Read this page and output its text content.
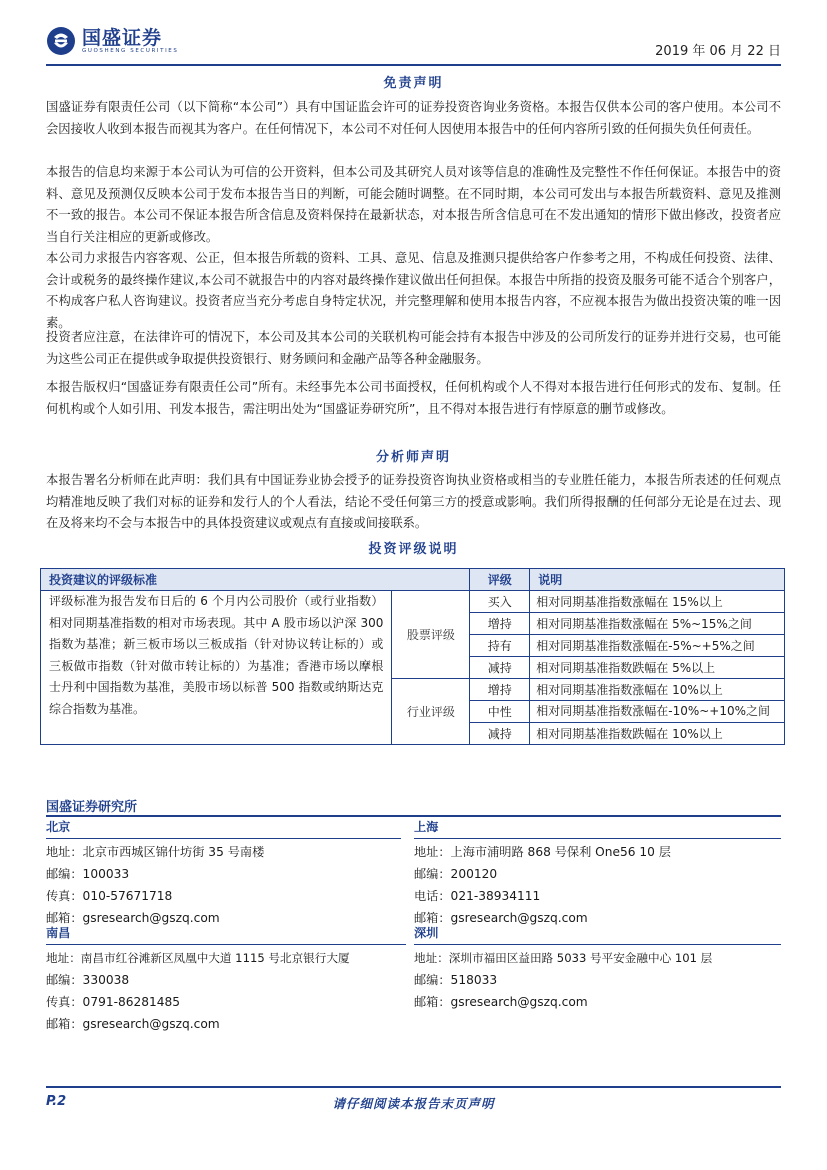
国盛证券
GUOSHENG SECURITIES	2019 年 06 月 22 日
免责声明
国盛证券有限责任公司（以下简称“本公司”）具有中国证监会许可的证券投资咨询业务资格。本报告仅供本公司的客户使用。本公司不会因接收人收到本报告而视其为客户。在任何情况下，本公司不对任何人因使用本报告中的任何内容所引致的任何损失负任何责任。
本报告的信息均来源于本公司认为可信的公开资料，但本公司及其研究人员对该等信息的准确性及完整性不作任何保证。本报告中的资料、意见及预测仅反映本公司于发布本报告当日的判断，可能会随时调整。在不同时期，本公司可发出与本报告所载资料、意见及推测不一致的报告。本公司不保证本报告所含信息及资料保持在最新状态，对本报告所含信息可在不发出通知的情形下做出修改，投资者应当自行关注相应的更新或修改。
本公司力求报告内容客观、公正，但本报告所载的资料、工具、意见、信息及推测只提供给客户作参考之用，不构成任何投资、法律、会计或税务的最终操作建议,本公司不就报告中的内容对最终操作建议做出任何担保。本报告中所指的投资及服务可能不适合个别客户，不构成客户私人咨询建议。投资者应当充分考虑自身特定状况，并完整理解和使用本报告内容，不应视本报告为做出投资决策的唯一因素。
投资者应注意，在法律许可的情况下，本公司及其本公司的关联机构可能会持有本报告中涉及的公司所发行的证券并进行交易，也可能为这些公司正在提供或争取提供投资银行、财务顾问和金融产品等各种金融服务。
本报告版权归“国盛证券有限责任公司”所有。未经事先本公司书面授权，任何机构或个人不得对本报告进行任何形式的发布、复制。任何机构或个人如引用、刊发本报告，需注明出处为“国盛证券研究所”，且不得对本报告进行有悖原意的删节或修改。
分析师声明
本报告署名分析师在此声明：我们具有中国证券业协会授予的证券投资咨询执业资格或相当的专业胜任能力，本报告所表述的任何观点均精准地反映了我们对标的证券和发行人的个人看法，结论不受任何第三方的授意或影响。我们所得报酬的任何部分无论是在过去、现在及将来均不会与本报告中的具体投资建议或观点有直接或间接联系。
投资评级说明
投资建议的评级标准		评级	说明
评级标准为报告发布日后的 6 个月内公司股价（或行业指数）相对同期基准指数的相对市场表现。其中 A 股市场以沪深 300 指数为基准；新三板市场以三板成指（针对协议转让标的）或三板做市指数（针对做市转让标的）为基准；香港市场以摩根士丹利中国指数为基准，美股市场以标普 500 指数或纳斯达克综合指数为基准。	股票评级	买入	相对同期基准指数涨幅在 15%以上
		增持	相对同期基准指数涨幅在 5%~15%之间
		持有	相对同期基准指数涨幅在-5%~+5%之间
		减持	相对同期基准指数跌幅在 5%以上
	行业评级	增持	相对同期基准指数涨幅在 10%以上
		中性	相对同期基准指数涨幅在-10%~+10%之间

		减持	相对同期基准指数跌幅在 10%以上
国盛证券研究所
北京
地址：北京市西城区锦什坊街 35 号南楼
邮编：100033
传真：010-57671718
邮箱：gsresearch@gszq.com
上海
地址：上海市浦明路 868 号保利 One56 10 层
邮编：200120
电话：021-38934111
邮箱：gsresearch@gszq.com
南昌
地址：南昌市红谷滩新区凤凰中大道 1115 号北京银行大厦
邮编：330038
传真：0791-86281485
邮箱：gsresearch@gszq.com
深圳
地址：深圳市福田区益田路 5033 号平安金融中心 101 层
邮编：518033
邮箱：gsresearch@gszq.com
P.2	请仔细阅读本报告末页声明
